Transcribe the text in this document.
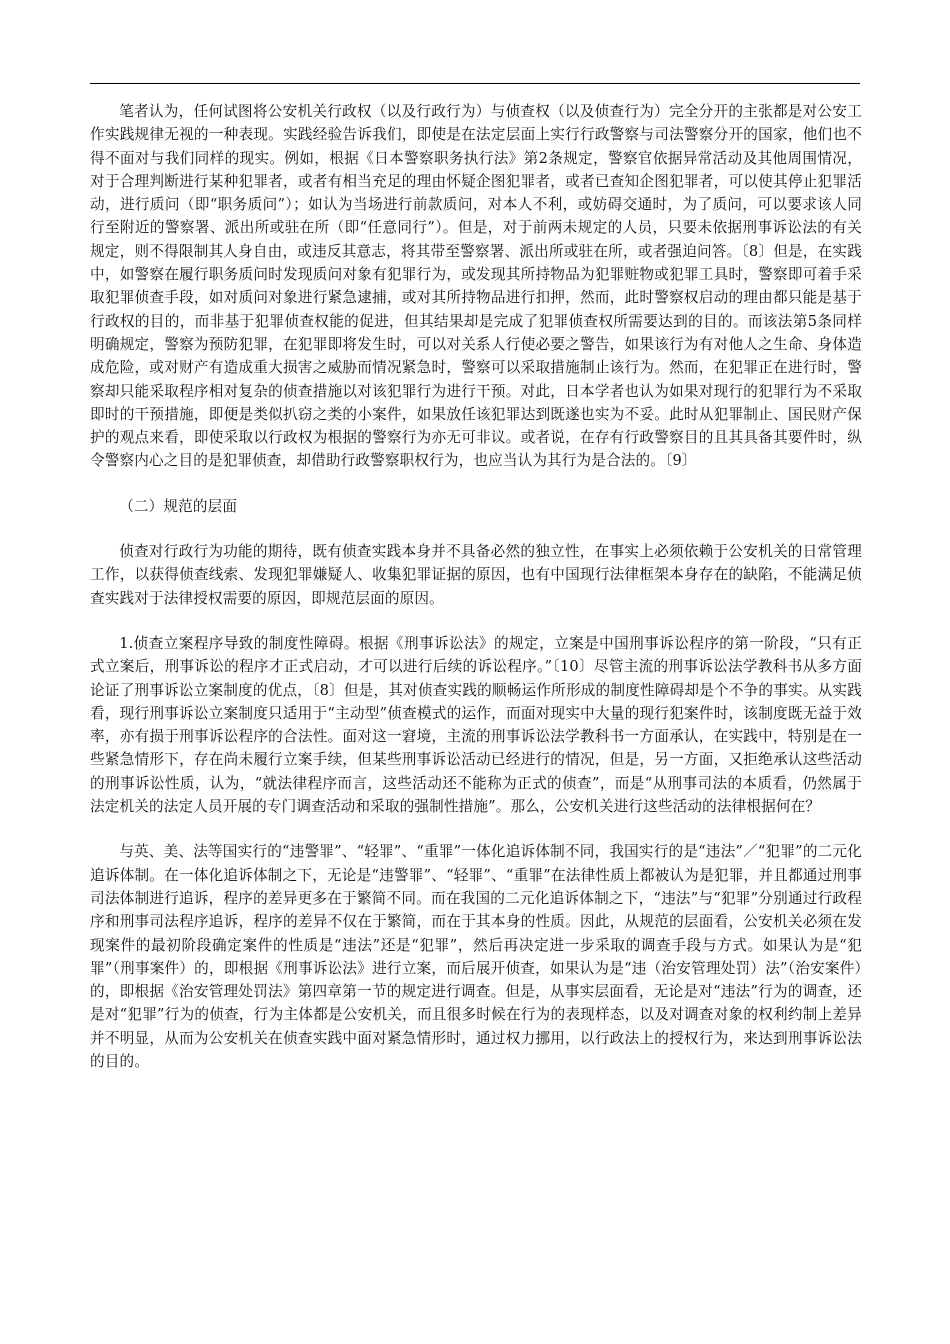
笔者认为，任何试图将公安机关行政权（以及行政行为）与侦查权（以及侦查行为）完全分开的主张都是对公安工作实践规律无视的一种表现。实践经验告诉我们，即使是在法定层面上实行行政警察与司法警察分开的国家，他们也不得不面对与我们同样的现实。例如，根据《日本警察职务执行法》第2条规定，警察官依据异常活动及其他周围情况，对于合理判断进行某种犯罪者，或者有相当充足的理由怀疑企图犯罪者，或者已查知企图犯罪者，可以使其停止犯罪活动，进行质问（即“职务质问”）；如认为当场进行前款质问，对本人不利，或妨碍交通时，为了质问，可以要求该人同行至附近的警察署、派出所或驻在所（即“任意同行”）。但是，对于前两未规定的人员，只要未依据刑事诉讼法的有关规定，则不得限制其人身自由，或违反其意志，将其带至警察署、派出所或驻在所，或者强迫问答。〔8〕但是，在实践中，如警察在履行职务质问时发现质问对象有犯罪行为，或发现其所持物品为犯罪赃物或犯罪工具时，警察即可着手采取犯罪侦查手段，如对质问对象进行紧急逮捕，或对其所持物品进行扣押，然而，此时警察权启动的理由都只能是基于行政权的目的，而非基于犯罪侦查权能的促进，但其结果却是完成了犯罪侦查权所需要达到的目的。而该法第5条同样明确规定，警察为预防犯罪，在犯罪即将发生时，可以对关系人行使必要之警告，如果该行为有对他人之生命、身体造成危险，或对财产有造成重大损害之威胁而情况紧急时，警察可以采取措施制止该行为。然而，在犯罪正在进行时，警察却只能采取程序相对复杂的侦查措施以对该犯罪行为进行干预。对此，日本学者也认为如果对现行的犯罪行为不采取即时的干预措施，即便是类似扒窃之类的小案件，如果放任该犯罪达到既遂也实为不妥。此时从犯罪制止、国民财产保护的观点来看，即使采取以行政权为根据的警察行为亦无可非议。或者说，在存有行政警察目的且其具备其要件时，纵令警察内心之目的是犯罪侦查，却借助行政警察职权行为，也应当认为其行为是合法的。〔9〕

（二）规范的层面

侦查对行政行为功能的期待，既有侦查实践本身并不具备必然的独立性，在事实上必须依赖于公安机关的日常管理工作，以获得侦查线索、发现犯罪嫌疑人、收集犯罪证据的原因，也有中国现行法律框架本身存在的缺陷，不能满足侦查实践对于法律授权需要的原因，即规范层面的原因。

1.侦查立案程序导致的制度性障碍。根据《刑事诉讼法》的规定，立案是中国刑事诉讼程序的第一阶段，“只有正式立案后，刑事诉讼的程序才正式启动，才可以进行后续的诉讼程序。”〔10〕尽管主流的刑事诉讼法学教科书从多方面论证了刑事诉讼立案制度的优点，〔8〕但是，其对侦查实践的顺畅运作所形成的制度性障碍却是个不争的事实。从实践看，现行刑事诉讼立案制度只适用于“主动型”侦查模式的运作，而面对现实中大量的现行犯案件时，该制度既无益于效率，亦有损于刑事诉讼程序的合法性。面对这一窘境，主流的刑事诉讼法学教科书一方面承认，在实践中，特别是在一些紧急情形下，存在尚未履行立案手续，但某些刑事诉讼活动已经进行的情况，但是，另一方面，又拒绝承认这些活动的刑事诉讼性质，认为，“就法律程序而言，这些活动还不能称为正式的侦查”，而是“从刑事司法的本质看，仍然属于法定机关的法定人员开展的专门调查活动和采取的强制性措施”。那么，公安机关进行这些活动的法律根据何在？

与英、美、法等国实行的“违警罪”、“轻罪”、“重罪”一体化追诉体制不同，我国实行的是“违法”／“犯罪”的二元化追诉体制。在一体化追诉体制之下，无论是“违警罪”、“轻罪”、“重罪”在法律性质上都被认为是犯罪，并且都通过刑事司法体制进行追诉，程序的差异更多在于繁简不同。而在我国的二元化追诉体制之下，“违法”与“犯罪”分别通过行政程序和刑事司法程序追诉，程序的差异不仅在于繁简，而在于其本身的性质。因此，从规范的层面看，公安机关必须在发现案件的最初阶段确定案件的性质是“违法”还是“犯罪”，然后再决定进一步采取的调查手段与方式。如果认为是“犯罪”（刑事案件）的，即根据《刑事诉讼法》进行立案，而后展开侦查，如果认为是“违（治安管理处罚）法”（治安案件）的，即根据《治安管理处罚法》第四章第一节的规定进行调查。但是，从事实层面看，无论是对“违法”行为的调查，还是对“犯罪”行为的侦查，行为主体都是公安机关，而且很多时候在行为的表现样态，以及对调查对象的权利约制上差异并不明显，从而为公安机关在侦查实践中面对紧急情形时，通过权力挪用，以行政法上的授权行为，来达到刑事诉讼法的目的。
